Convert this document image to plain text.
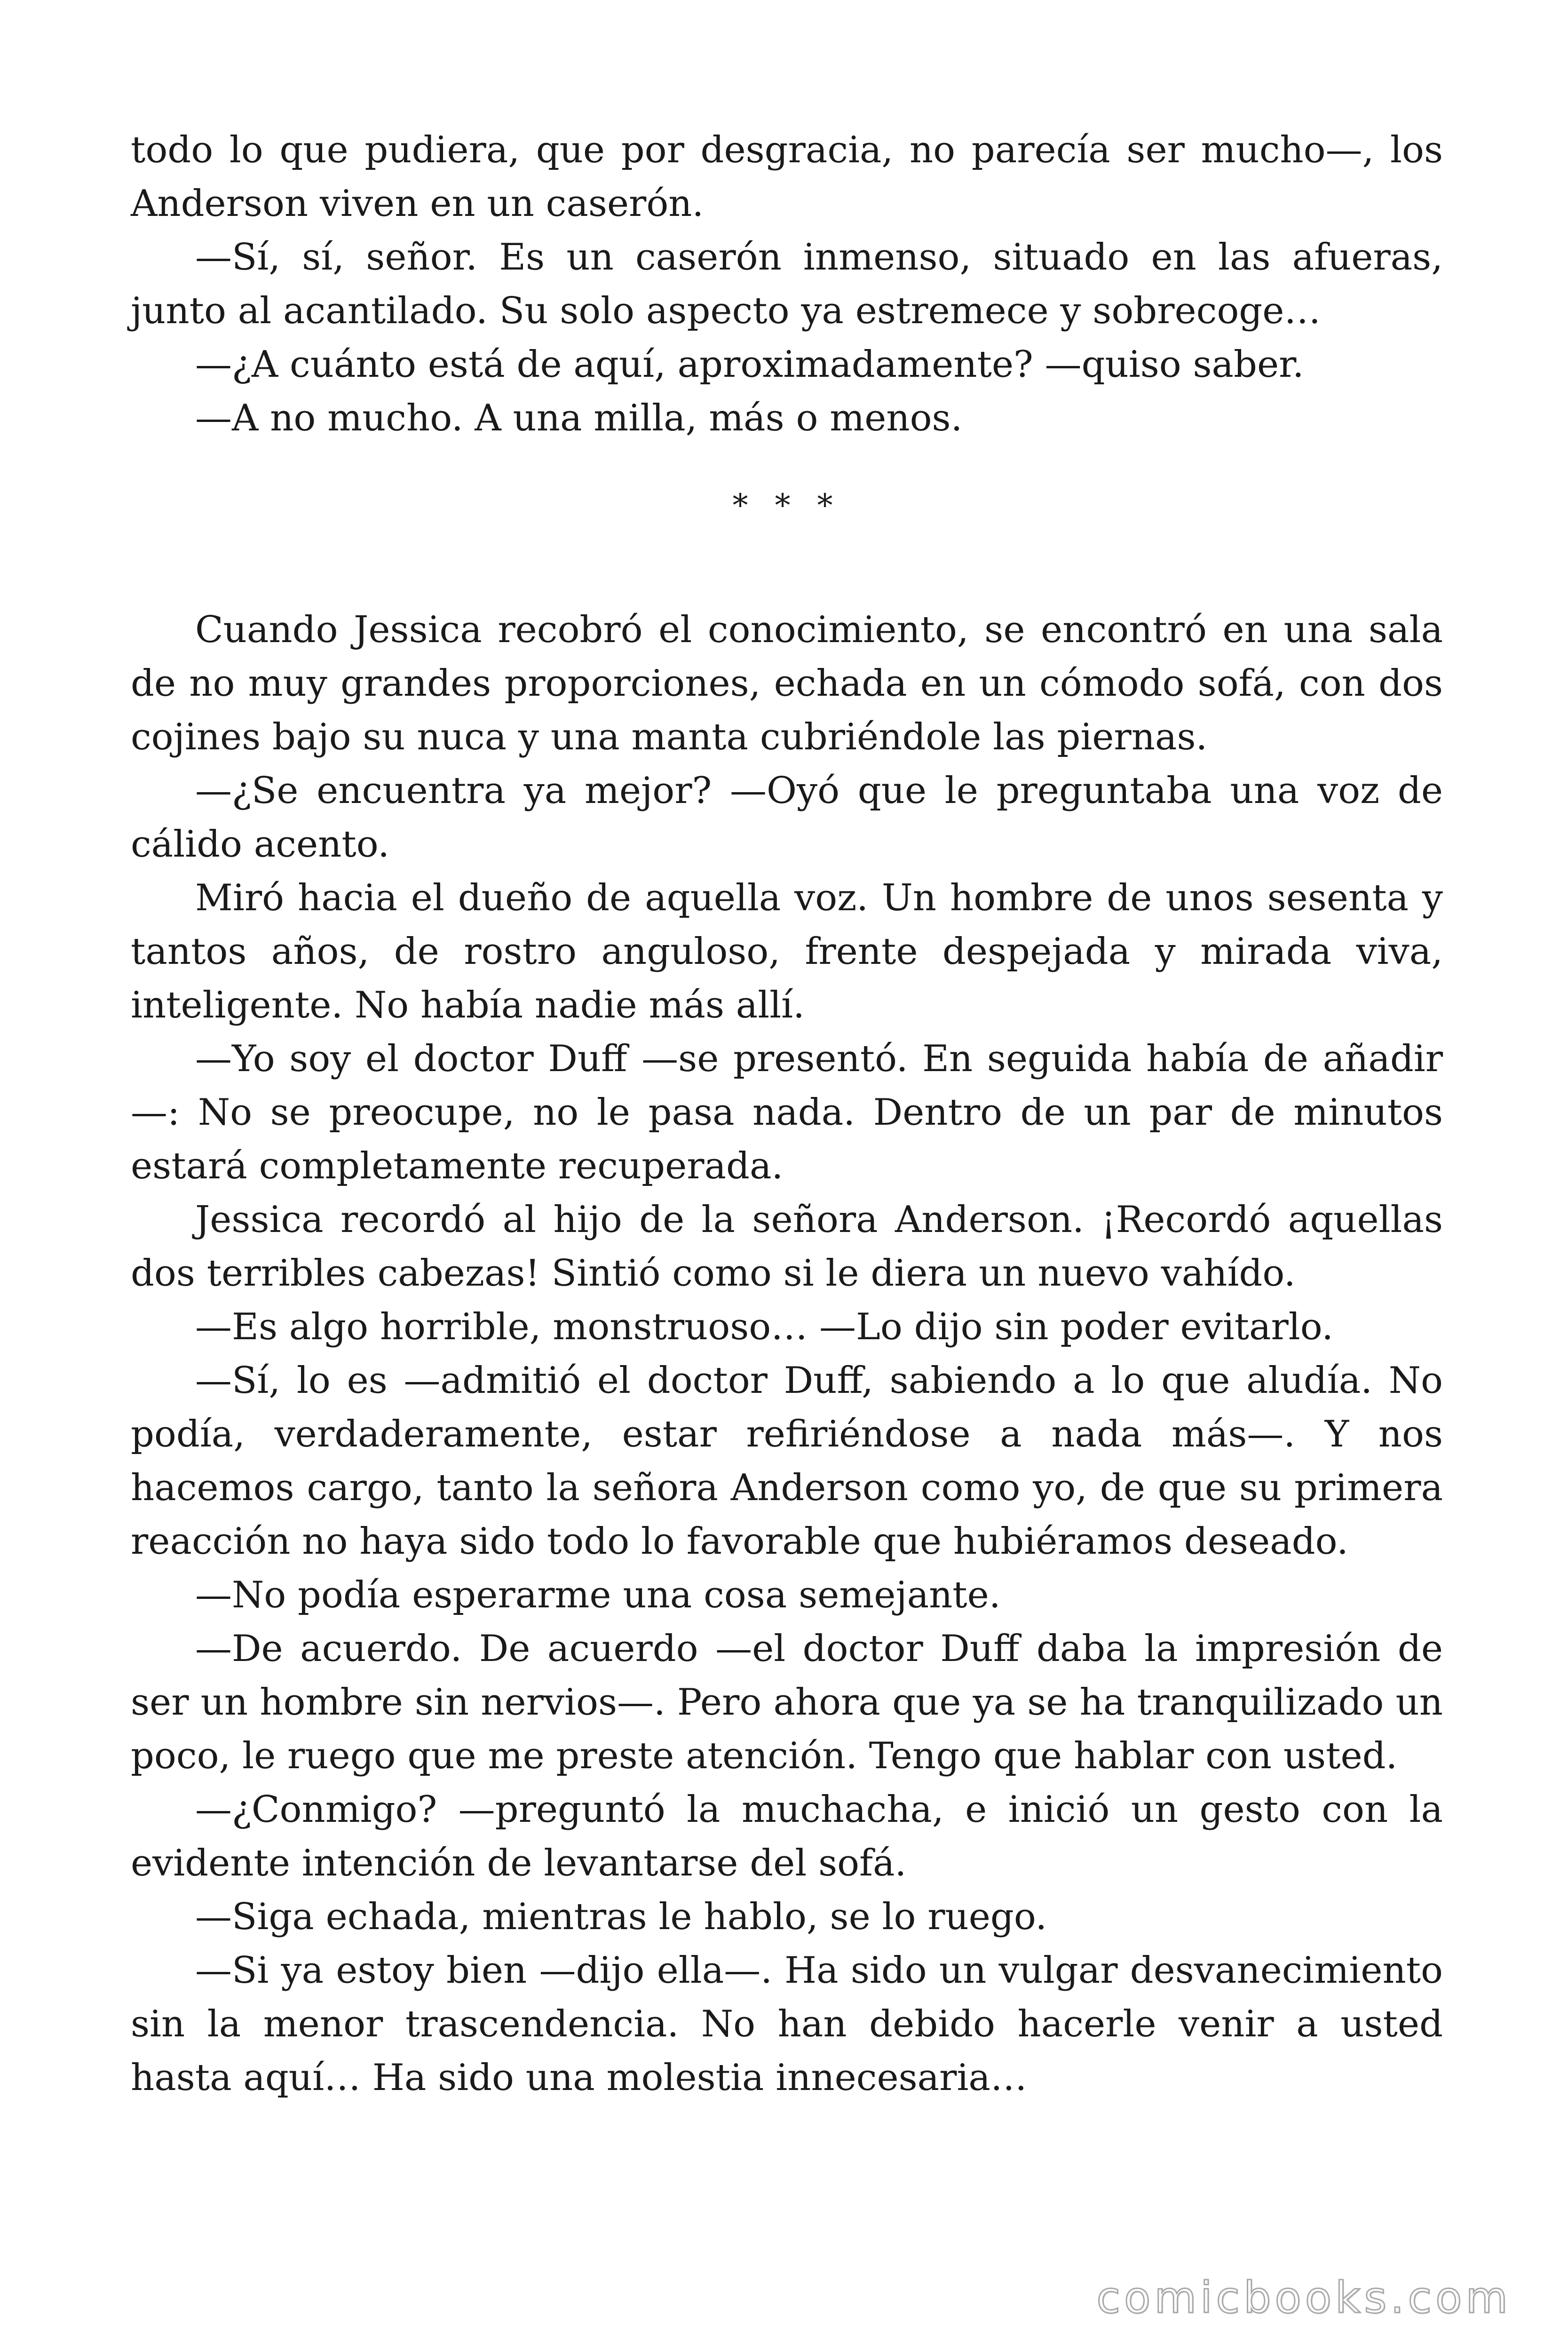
todo lo que pudiera, que por desgracia, no parecía ser mucho—, los Anderson viven en un caserón.

—Sí, sí, señor. Es un caserón inmenso, situado en las afueras, junto al acantilado. Su solo aspecto ya estremece y sobrecoge…

—¿A cuánto está de aquí, aproximadamente? —quiso saber.

—A no mucho. A una milla, más o menos.

* * *

Cuando Jessica recobró el conocimiento, se encontró en una sala de no muy grandes proporciones, echada en un cómodo sofá, con dos cojines bajo su nuca y una manta cubriéndole las piernas.

—¿Se encuentra ya mejor? —Oyó que le preguntaba una voz de cálido acento.

Miró hacia el dueño de aquella voz. Un hombre de unos sesenta y tantos años, de rostro anguloso, frente despejada y mirada viva, inteligente. No había nadie más allí.

—Yo soy el doctor Duff —se presentó. En seguida había de añadir—: No se preocupe, no le pasa nada. Dentro de un par de minutos estará completamente recuperada.

Jessica recordó al hijo de la señora Anderson. ¡Recordó aquellas dos terribles cabezas! Sintió como si le diera un nuevo vahído.

—Es algo horrible, monstruoso… —Lo dijo sin poder evitarlo.

—Sí, lo es —admitió el doctor Duff, sabiendo a lo que aludía. No podía, verdaderamente, estar refiriéndose a nada más—. Y nos hacemos cargo, tanto la señora Anderson como yo, de que su primera reacción no haya sido todo lo favorable que hubiéramos deseado.

—No podía esperarme una cosa semejante.

—De acuerdo. De acuerdo —el doctor Duff daba la impresión de ser un hombre sin nervios—. Pero ahora que ya se ha tranquilizado un poco, le ruego que me preste atención. Tengo que hablar con usted.

—¿Conmigo? —preguntó la muchacha, e inició un gesto con la evidente intención de levantarse del sofá.

—Siga echada, mientras le hablo, se lo ruego.

—Si ya estoy bien —dijo ella—. Ha sido un vulgar desvanecimiento sin la menor trascendencia. No han debido hacerle venir a usted hasta aquí… Ha sido una molestia innecesaria…

comicbooks.com
